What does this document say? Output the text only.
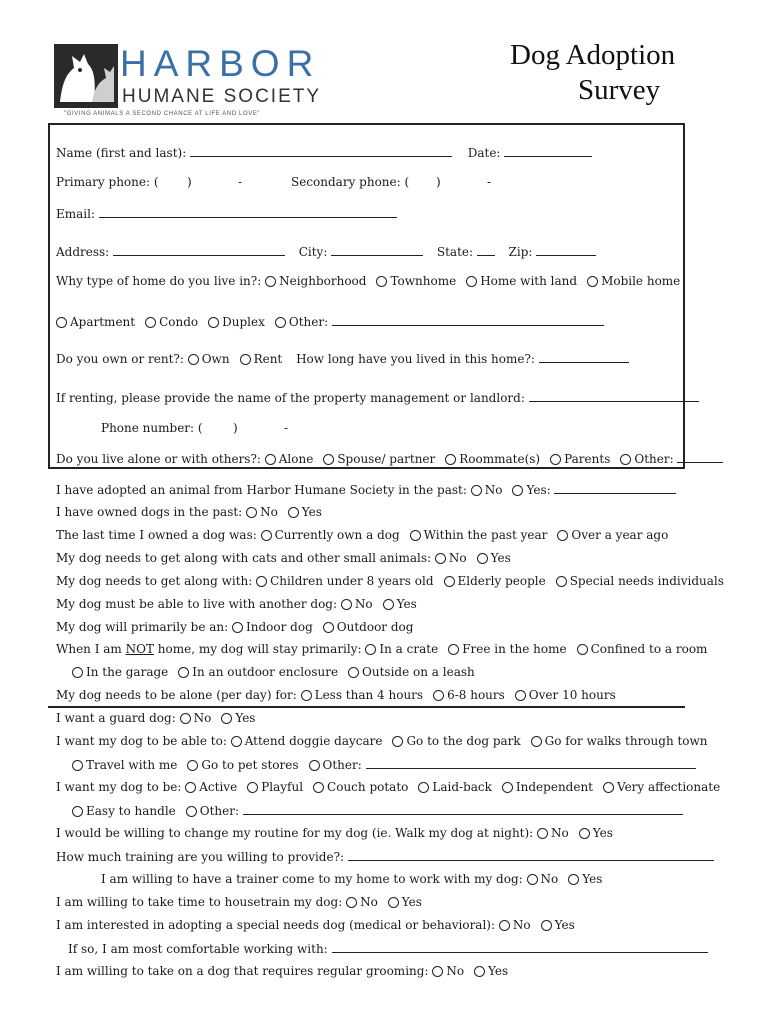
HARBOR
HUMANE SOCIETY
"GIVING ANIMALS A SECOND CHANCE AT LIFE AND LOVE"
Dog Adoption
Survey
Name (first and last):	Date:
Primary phone: ( )	-	Secondary phone: ( )	-
Email:
Address:	City:	State:	Zip:
Why type of home do you live in?: Neighborhood Townhome Home with land Mobile home
Apartment Condo Duplex Other:
Do you own or rent?: Own Rent How long have you lived in this home?:
If renting, please provide the name of the property management or landlord:
Phone number: (	)	-
Do you live alone or with others?: Alone Spouse/ partner Roommate(s) Parents Other:
I have adopted an animal from Harbor Humane Society in the past: No Yes:
I have owned dogs in the past: No Yes
The last time I owned a dog was: Currently own a dog Within the past year Over a year ago
My dog needs to get along with cats and other small animals: No Yes
My dog needs to get along with: Children under 8 years old Elderly people Special needs individuals
My dog must be able to live with another dog: No Yes
My dog will primarily be an: Indoor dog Outdoor dog
When I am NOT home, my dog will stay primarily: In a crate Free in the home Confined to a room
In the garage In an outdoor enclosure Outside on a leash
My dog needs to be alone (per day) for: Less than 4 hours 6-8 hours Over 10 hours
I want a guard dog: No Yes
I want my dog to be able to: Attend doggie daycare Go to the dog park Go for walks through town
Travel with me Go to pet stores Other:
I want my dog to be: Active Playful Couch potato Laid-back Independent Very affectionate
Easy to handle Other:
I would be willing to change my routine for my dog (ie. Walk my dog at night): No Yes
How much training are you willing to provide?:
I am willing to have a trainer come to my home to work with my dog: No Yes
I am willing to take time to housetrain my dog: No Yes
I am interested in adopting a special needs dog (medical or behavioral): No Yes
If so, I am most comfortable working with:
I am willing to take on a dog that requires regular grooming: No Yes
